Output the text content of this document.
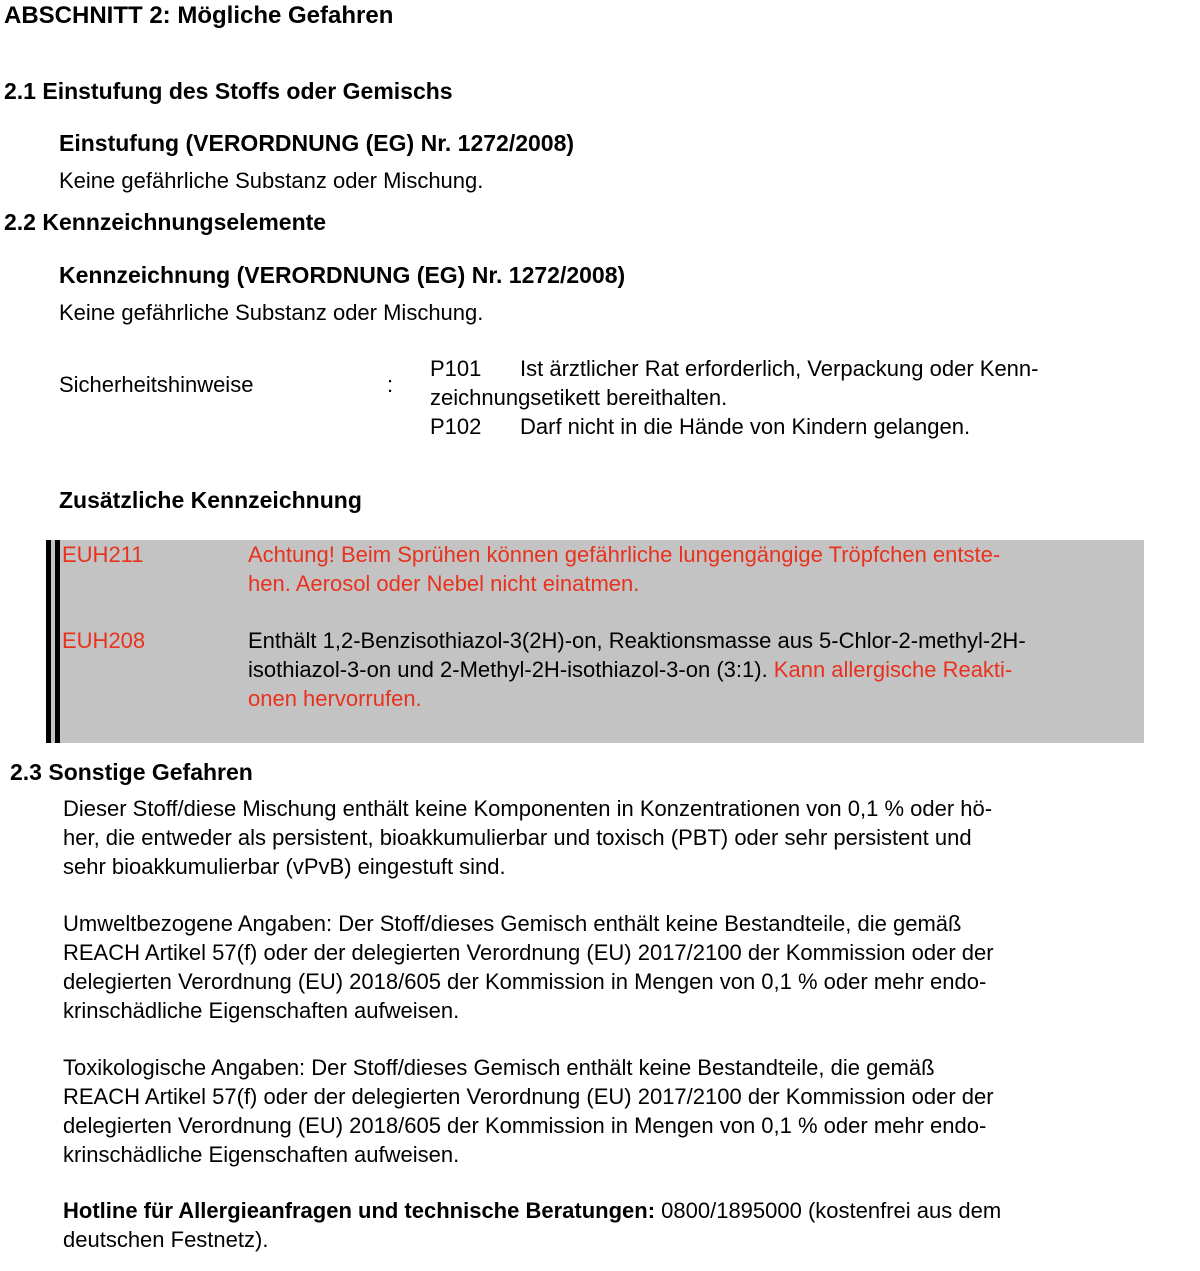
ABSCHNITT 2: Mögliche Gefahren
2.1 Einstufung des Stoffs oder Gemischs
Einstufung (VERORDNUNG (EG) Nr. 1272/2008)
Keine gefährliche Substanz oder Mischung.
2.2 Kennzeichnungselemente
Kennzeichnung (VERORDNUNG (EG) Nr. 1272/2008)
Keine gefährliche Substanz oder Mischung.
Sicherheitshinweise	:
P101 Ist ärztlicher Rat erforderlich, Verpackung oder Kenn-
zeichnungsetikett bereithalten.
P102 Darf nicht in die Hände von Kindern gelangen.
Zusätzliche Kennzeichnung
EUH211	Achtung! Beim Sprühen können gefährliche lungengängige Tröpfchen entste-
hen. Aerosol oder Nebel nicht einatmen.
EUH208	Enthält 1,2-Benzisothiazol-3(2H)-on, Reaktionsmasse aus 5-Chlor-2-methyl-2H-
isothiazol-3-on und 2-Methyl-2H-isothiazol-3-on (3:1). Kann allergische Reakti-
onen hervorrufen.
2.3 Sonstige Gefahren
Dieser Stoff/diese Mischung enthält keine Komponenten in Konzentrationen von 0,1 % oder hö-
her, die entweder als persistent, bioakkumulierbar und toxisch (PBT) oder sehr persistent und
sehr bioakkumulierbar (vPvB) eingestuft sind.
Umweltbezogene Angaben: Der Stoff/dieses Gemisch enthält keine Bestandteile, die gemäß
REACH Artikel 57(f) oder der delegierten Verordnung (EU) 2017/2100 der Kommission oder der
delegierten Verordnung (EU) 2018/605 der Kommission in Mengen von 0,1 % oder mehr endo-
krinschädliche Eigenschaften aufweisen.
Toxikologische Angaben: Der Stoff/dieses Gemisch enthält keine Bestandteile, die gemäß
REACH Artikel 57(f) oder der delegierten Verordnung (EU) 2017/2100 der Kommission oder der
delegierten Verordnung (EU) 2018/605 der Kommission in Mengen von 0,1 % oder mehr endo-
krinschädliche Eigenschaften aufweisen.
Hotline für Allergieanfragen und technische Beratungen: 0800/1895000 (kostenfrei aus dem
deutschen Festnetz).
